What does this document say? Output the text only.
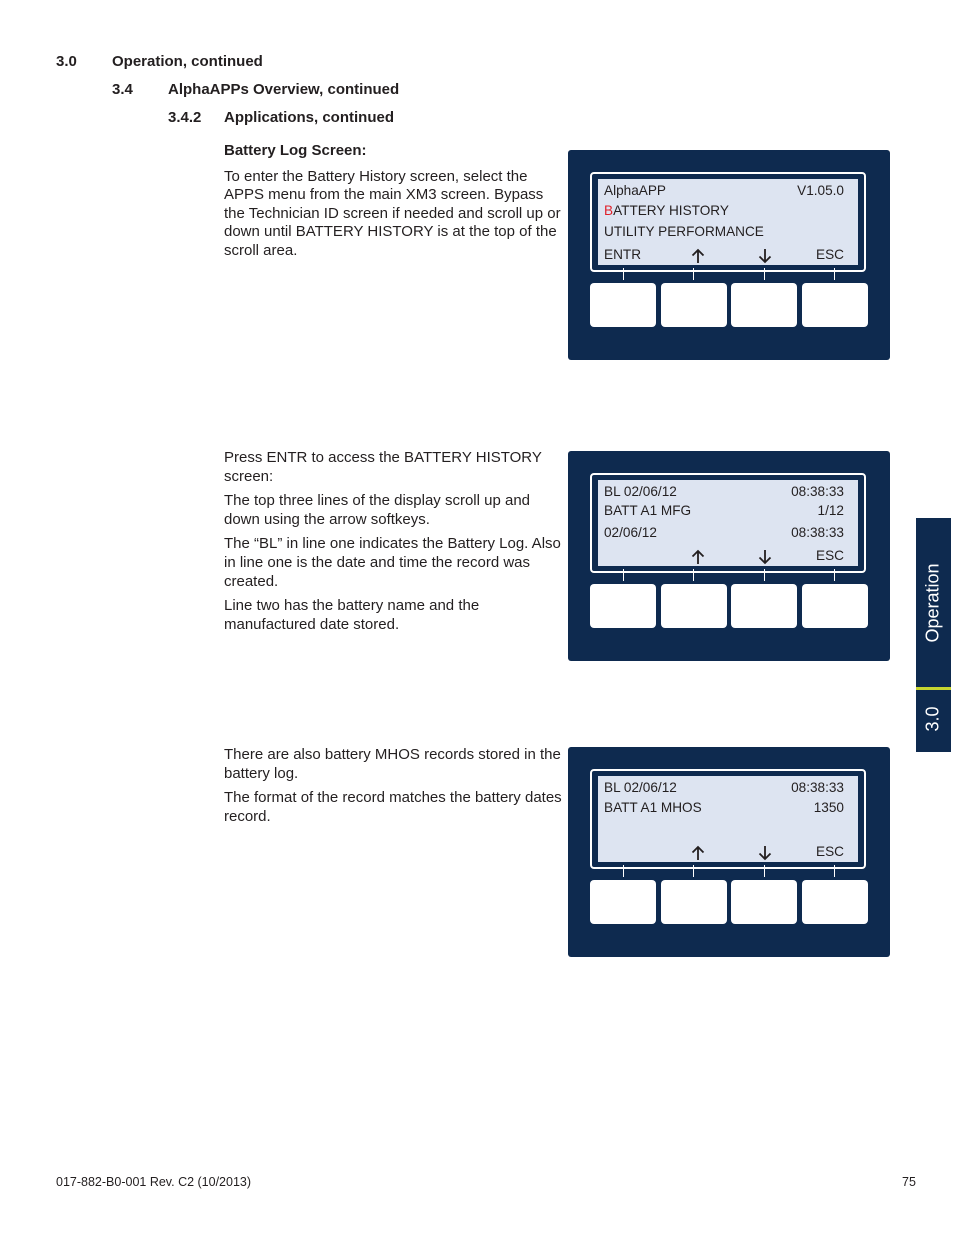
3.0 Operation, continued
3.4 AlphaAPPs Overview, continued
3.4.2 Applications, continued
Battery Log Screen:

To enter the Battery History screen, select the APPS menu from the main XM3 screen. Bypass the Technician ID screen if needed and scroll up or down until BATTERY HISTORY is at the top of the scroll area.

AlphaAPP	V1.05.0
BATTERY HISTORY
UTILITY PERFORMANCE
ENTR	ESC

Press ENTR to access the BATTERY HISTORY screen:

The top three lines of the display scroll up and down using the arrow softkeys.

The “BL” in line one indicates the Battery Log. Also in line one is the date and time the record was created.

Line two has the battery name and the manufactured date stored.

BL 02/06/12	08:38:33
BATT A1 MFG	1/12
02/06/12	08:38:33
ESC

There are also battery MHOS records stored in the battery log.

The format of the record matches the battery dates record.

BL 02/06/12	08:38:33
BATT A1 MHOS	1350
ESC
Operation
3.0
017-882-B0-001 Rev. C2 (10/2013)	75
